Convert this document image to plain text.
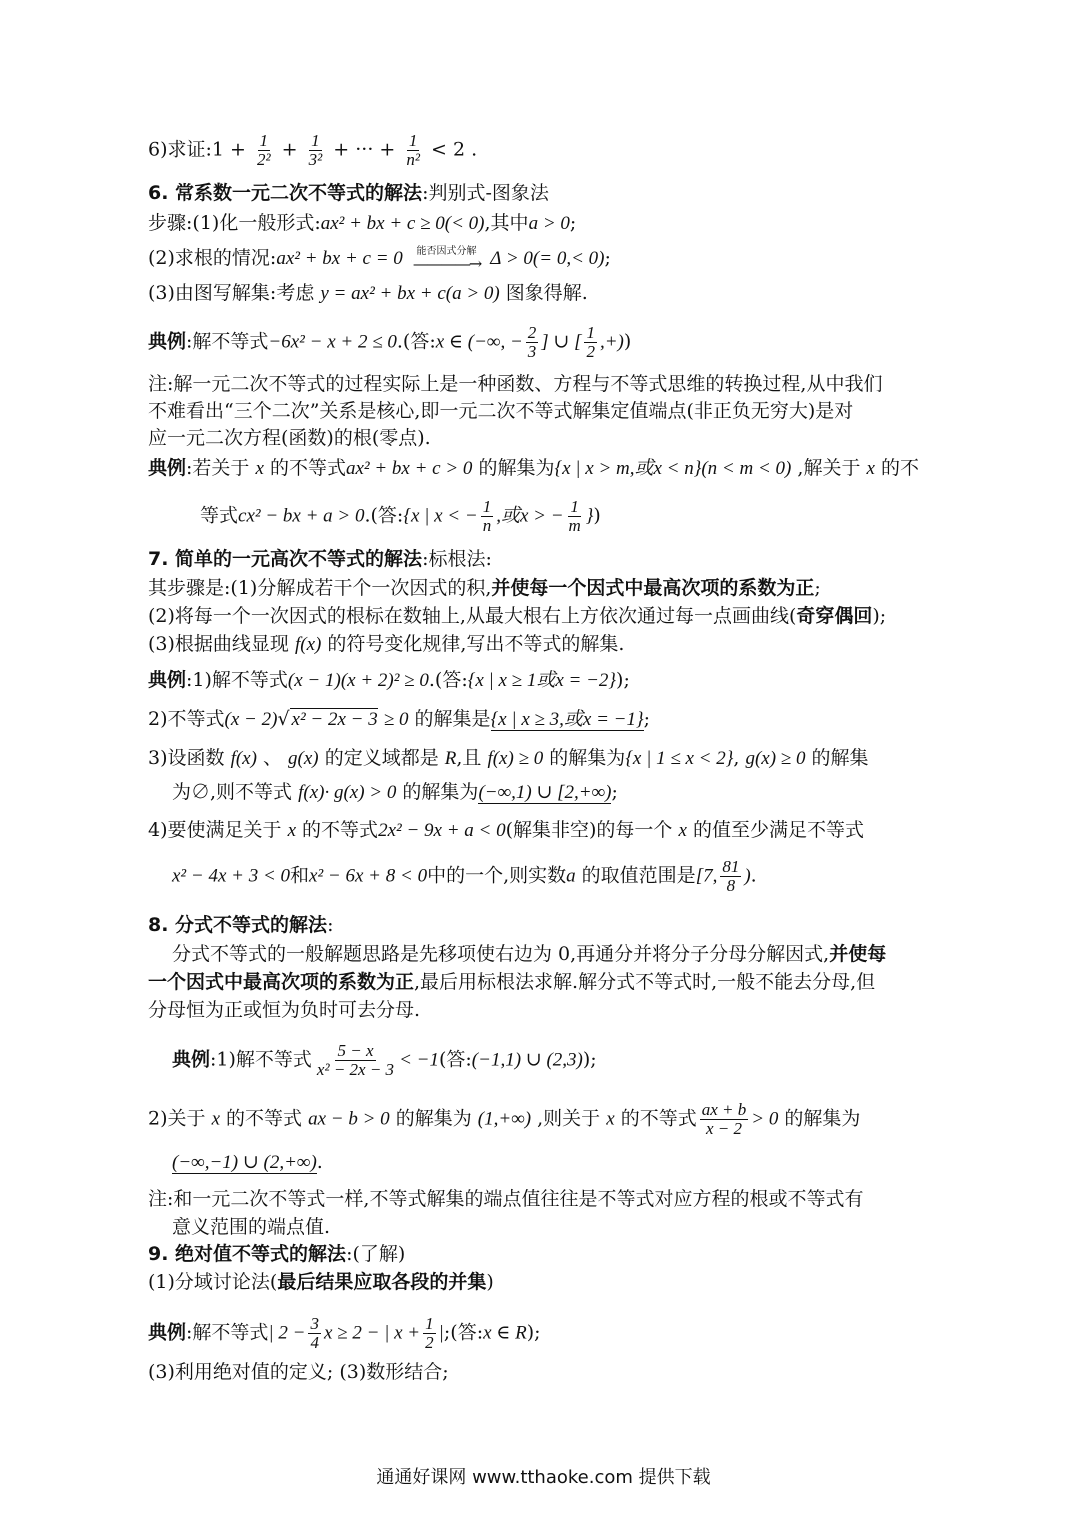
6)求证:1 + $\frac{1}{\text{2²}} + \frac{1}{\text{3²}}$ + ··· + $\frac{1}{\text{n²}} < 2$ .
6. 常系数一元二次不等式的解法:判别式-图象法
步骤:(1)化一般形式:ax² + bx + c ≥ 0(< 0),其中a > 0;
(2)求根的情况:ax² + bx + c = 0 能否因式分解
————→ Δ > 0(= 0,< 0);
(3)由图写解集:考虑 y = ax² + bx + c(a > 0) 图象得解.
典例:解不等式−6x² − x + 2 ≤ 0.(答:x ∈ (−∞, − $\frac{2}{3}$ ] ∪ [ $\frac{1}{2}$ ,+))
注:解一元二次不等式的过程实际上是一种函数、方程与不等式思维的转换过程,从中我们
不难看出“三个二次”关系是核心,即一元二次不等式解集定值端点(非正负无穷大)是对
应一元二次方程(函数)的根(零点).
典例:若关于 x 的不等式ax² + bx + c > 0 的解集为{x | x > m,或x < n}(n < m < 0) ,解关于 x 的不
等式cx² − bx + a > 0.(答:{x | x < − $\frac{1}{n}$ ,或x > − $\frac{1}{m}$ })
7. 简单的一元高次不等式的解法:标根法:
其步骤是:(1)分解成若干个一次因式的积,并使每一个因式中最高次项的系数为正;
(2)将每一个一次因式的根标在数轴上,从最大根右上方依次通过每一点画曲线(奇穿偶回);
(3)根据曲线显现 f(x) 的符号变化规律,写出不等式的解集.
典例:1)解不等式(x − 1)(x + 2)² ≥ 0.(答:{x | x ≥ 1或x = −2});
2)不等式(x − 2)√ x² − 2x − 3 ≥ 0 的解集是{x | x ≥ 3,或x = −1};
3)设函数 f(x) 、 g(x) 的定义域都是 R,且 f(x) ≥ 0 的解集为{x | 1 ≤ x < 2}, g(x) ≥ 0 的解集
为∅,则不等式 f(x)· g(x) > 0 的解集为(−∞,1) ∪ [2,+∞);
4)要使满足关于 x 的不等式2x² − 9x + a < 0(解集非空)的每一个 x 的值至少满足不等式
x² − 4x + 3 < 0和x² − 6x + 8 < 0中的一个,则实数a 的取值范围是[7, $\frac{81}{8}$ ).
8. 分式不等式的解法:
分式不等式的一般解题思路是先移项使右边为 0,再通分并将分子分母分解因式,并使每
一个因式中最高次项的系数为正,最后用标根法求解.解分式不等式时,一般不能去分母,但
分母恒为正或恒为负时可去分母.
典例:1)解不等式 $\frac{5 - x}{\text{x² − 2x − 3}} < -1$(答:(−1,1) ∪ (2,3));
2)关于 x 的不等式 ax − b > 0 的解集为 (1,+∞) ,则关于 x 的不等式 $\frac{ax + b}{x - 2} > 0$ 的解集为
(−∞,−1) ∪ (2,+∞).
注:和一元二次不等式一样,不等式解集的端点值往往是不等式对应方程的根或不等式有
意义范围的端点值.
9. 绝对值不等式的解法:(了解)
(1)分域讨论法(最后结果应取各段的并集)
典例:解不等式| $2 - \frac{3}{4}$ x ≥ 2 − | $x + \frac{1}{2}$ |;(答:x ∈ R);
(3)利用绝对值的定义; (3)数形结合;
通通好课网 www.tthaoke.com 提供下载
